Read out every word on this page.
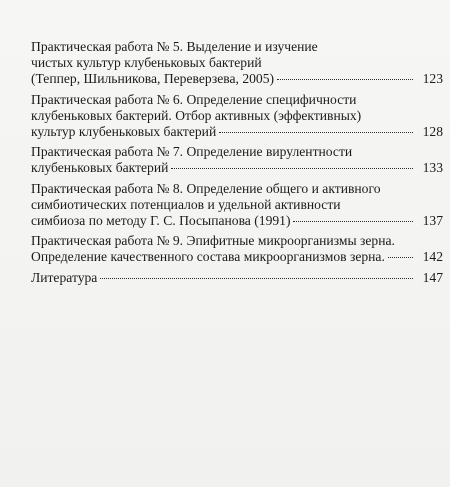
Практическая работа № 5. Выделение и изучение
чистых культур клубеньковых бактерий
(Теппер, Шильникова, Переверзева, 2005)	123
Практическая работа № 6. Определение специфичности
клубеньковых бактерий. Отбор активных (эффективных)
культур клубеньковых бактерий	128
Практическая работа № 7. Определение вирулентности
клубеньковых бактерий	133
Практическая работа № 8. Определение общего и активного
симбиотических потенциалов и удельной активности
симбиоза по методу Г. С. Посыпанова (1991)	137
Практическая работа № 9. Эпифитные микроорганизмы зерна.
Определение качественного состава микроорганизмов зерна.	142
Литература	147
